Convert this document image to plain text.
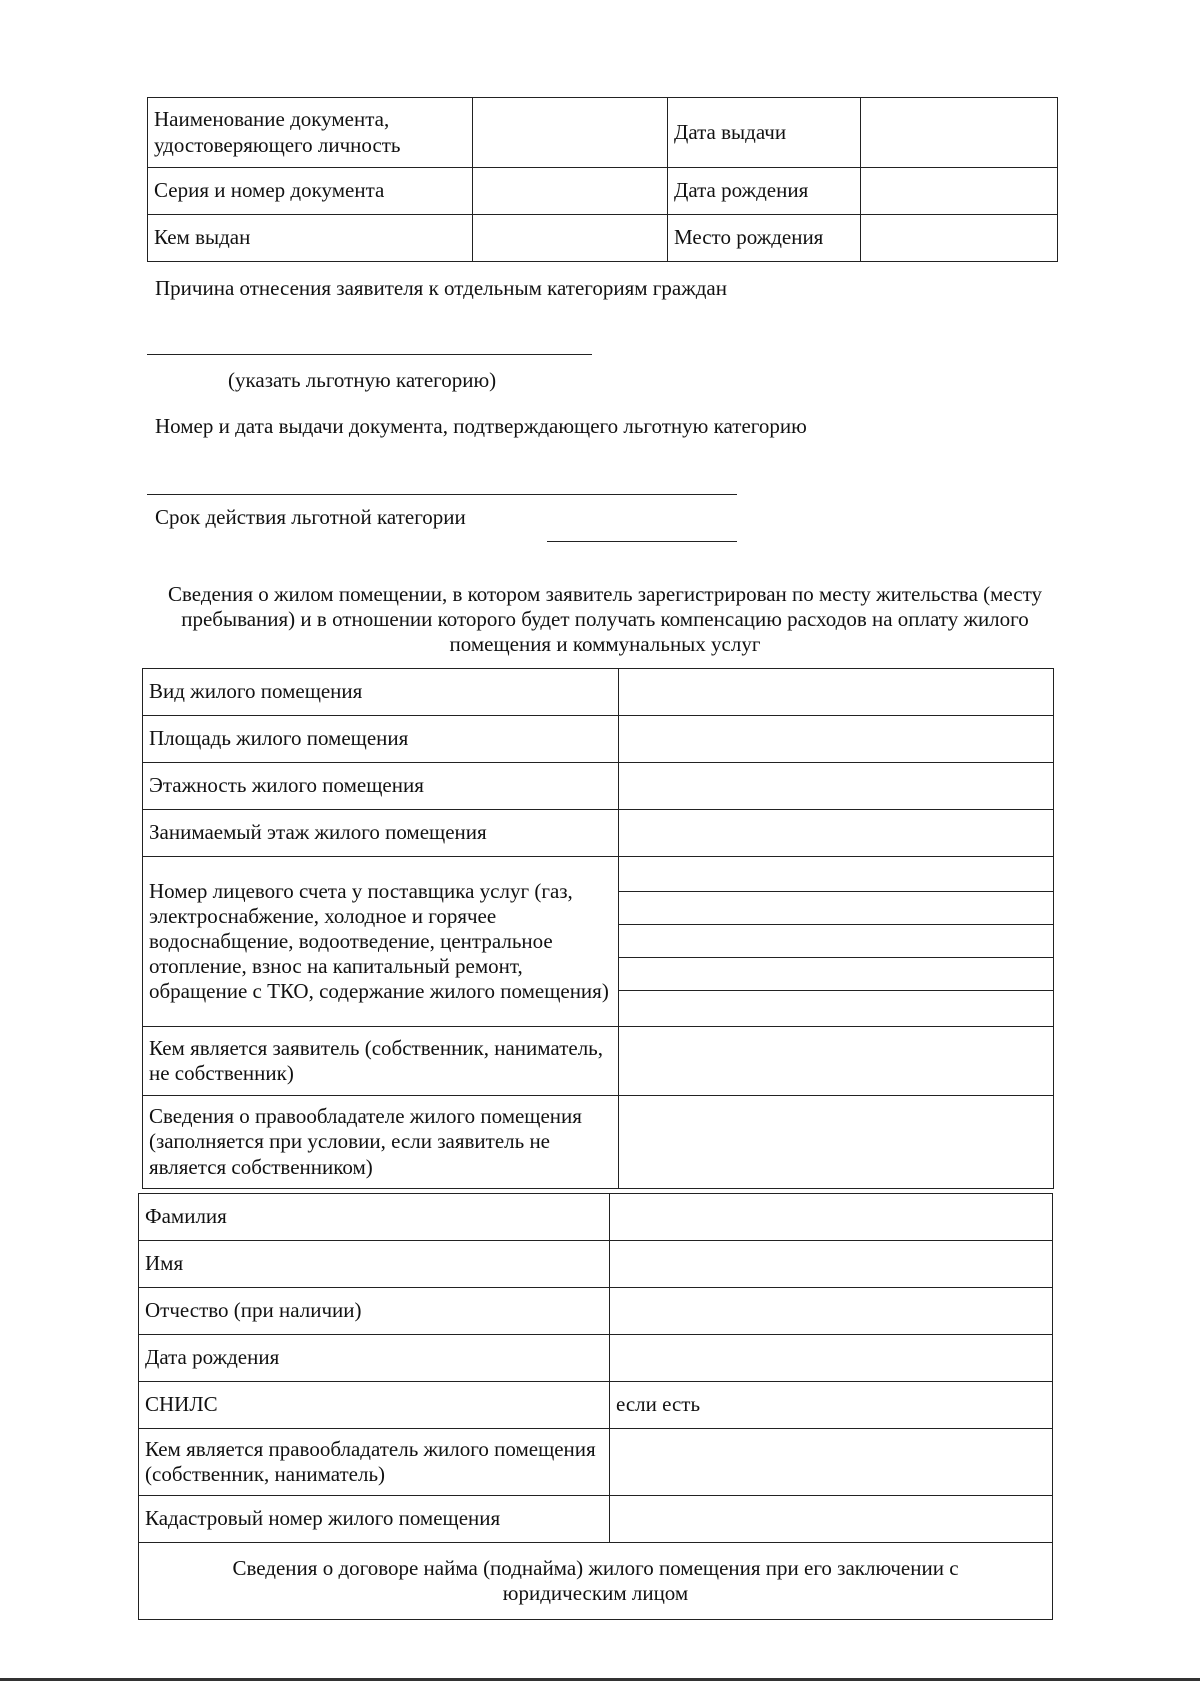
Наименование документа, удостоверяющего личность		Дата выдачи	
Серия и номер документа		Дата рождения	
Кем выдан		Место рождения	
Причина отнесения заявителя к отдельным категориям граждан
(указать льготную категорию)
Номер и дата выдачи документа, подтверждающего льготную категорию
Срок действия льготной категории
Сведения о жилом помещении, в котором заявитель зарегистрирован по месту жительства (месту пребывания) и в отношении которого будет получать компенсацию расходов на оплату жилого помещения и коммунальных услуг
Вид жилого помещения	
Площадь жилого помещения	
Этажность жилого помещения	
Занимаемый этаж жилого помещения	
Номер лицевого счета у поставщика услуг (газ, электроснабжение, холодное и горячее водоснабщение, водоотведение, центральное отопление, взнос на капитальный ремонт, обращение с ТКО, содержание жилого помещения)	

Кем является заявитель (собственник, наниматель, не собственник)	
Сведения о правообладателе жилого помещения (заполняется при условии, если заявитель не является собственником)	
Фамилия	
Имя	
Отчество (при наличии)	
Дата рождения	
СНИЛС	если есть
Кем является правообладатель жилого помещения (собственник, наниматель)	
Кадастровый номер жилого помещения	
Сведения о договоре найма (поднайма) жилого помещения при его заключении с юридическим лицом	
